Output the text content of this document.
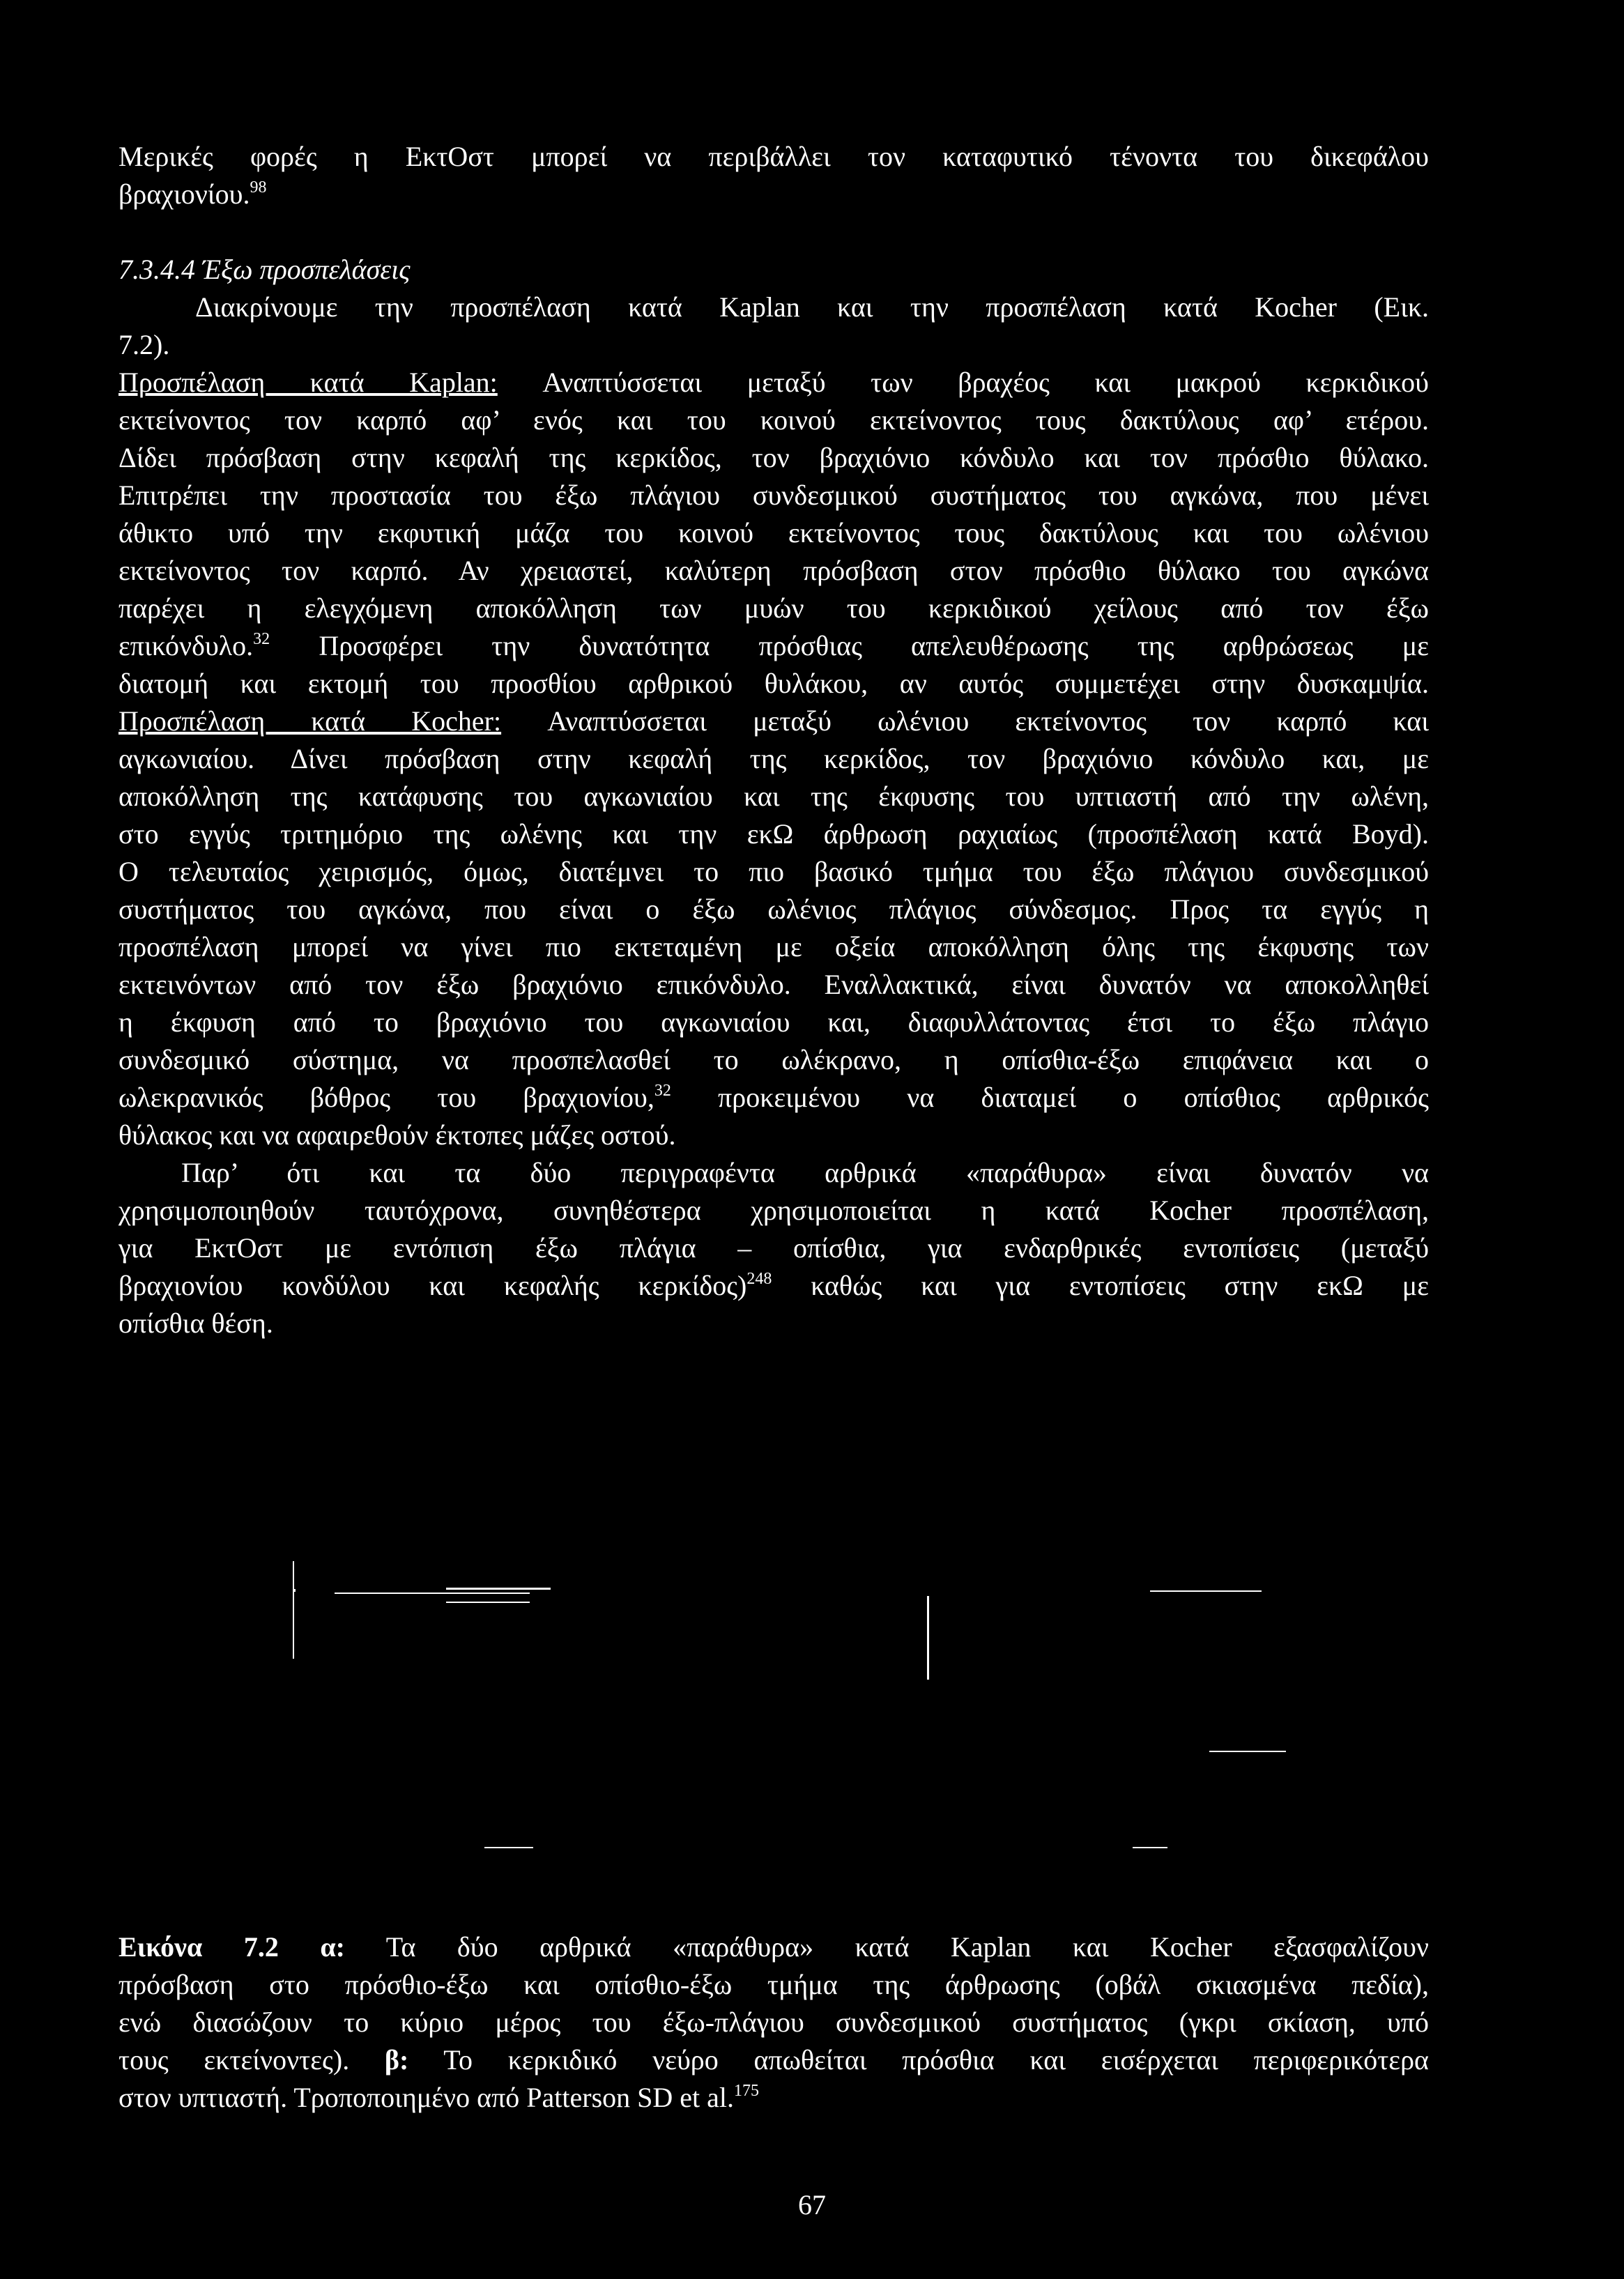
Μερικές φορές η ΕκτΟστ μπορεί να περιβάλλει τον καταφυτικό τένοντα του δικεφάλου
βραχιονίου.$^{98}$
7.3.4.4 Έξω προσπελάσεις
Διακρίνουμε την προσπέλαση κατά Kaplan και την προσπέλαση κατά Kocher (Εικ.
7.2).
Προσπέλαση κατά Kaplan: Αναπτύσσεται μεταξύ των βραχέος και μακρού κερκιδικού
εκτείνοντος τον καρπό αφ’ ενός και του κοινού εκτείνοντος τους δακτύλους αφ’ ετέρου.
Δίδει πρόσβαση στην κεφαλή της κερκίδος, τον βραχιόνιο κόνδυλο και τον πρόσθιο θύλακο.
Επιτρέπει την προστασία του έξω πλάγιου συνδεσμικού συστήματος του αγκώνα, που μένει
άθικτο υπό την εκφυτική μάζα του κοινού εκτείνοντος τους δακτύλους και του ωλένιου
εκτείνοντος τον καρπό. Αν χρειαστεί, καλύτερη πρόσβαση στον πρόσθιο θύλακο του αγκώνα
παρέχει η ελεγχόμενη αποκόλληση των μυών του κερκιδικού χείλους από τον έξω
επικόνδυλο.$^{32}$ Προσφέρει την δυνατότητα πρόσθιας απελευθέρωσης της αρθρώσεως με
διατομή και εκτομή του προσθίου αρθρικού θυλάκου, αν αυτός συμμετέχει στην δυσκαμψία.
Προσπέλαση κατά Kocher: Αναπτύσσεται μεταξύ ωλένιου εκτείνοντος τον καρπό και
αγκωνιαίου. Δίνει πρόσβαση στην κεφαλή της κερκίδος, τον βραχιόνιο κόνδυλο και, με
αποκόλληση της κατάφυσης του αγκωνιαίου και της έκφυσης του υπτιαστή από την ωλένη,
στο εγγύς τριτημόριο της ωλένης και την εκΩ άρθρωση ραχιαίως (προσπέλαση κατά Boyd).
Ο τελευταίος χειρισμός, όμως, διατέμνει το πιο βασικό τμήμα του έξω πλάγιου συνδεσμικού
συστήματος του αγκώνα, που είναι ο έξω ωλένιος πλάγιος σύνδεσμος. Προς τα εγγύς η
προσπέλαση μπορεί να γίνει πιο εκτεταμένη με οξεία αποκόλληση όλης της έκφυσης των
εκτεινόντων από τον έξω βραχιόνιο επικόνδυλο. Εναλλακτικά, είναι δυνατόν να αποκολληθεί
η έκφυση από το βραχιόνιο του αγκωνιαίου και, διαφυλλάτοντας έτσι το έξω πλάγιο
συνδεσμικό σύστημα, να προσπελασθεί το ωλέκρανο, η οπίσθια-έξω επιφάνεια και ο
ωλεκρανικός βόθρος του βραχιονίου,$^{32}$ προκειμένου να διαταμεί ο οπίσθιος αρθρικός
θύλακος και να αφαιρεθούν έκτοπες μάζες οστού.
Παρ’ ότι και τα δύο περιγραφέντα αρθρικά «παράθυρα» είναι δυνατόν να
χρησιμοποιηθούν ταυτόχρονα, συνηθέστερα χρησιμοποιείται η κατά Kocher προσπέλαση,
για ΕκτΟστ με εντόπιση έξω πλάγια – οπίσθια, για ενδαρθρικές εντοπίσεις (μεταξύ
βραχιονίου κονδύλου και κεφαλής κερκίδος)$^{248}$ καθώς και για εντοπίσεις στην εκΩ με
οπίσθια θέση.
Εικόνα 7.2 α: Τα δύο αρθρικά «παράθυρα» κατά Kaplan και Kocher εξασφαλίζουν
πρόσβαση στο πρόσθιο-έξω και οπίσθιο-έξω τμήμα της άρθρωσης (οβάλ σκιασμένα πεδία),
ενώ διασώζουν το κύριο μέρος του έξω-πλάγιου συνδεσμικού συστήματος (γκρι σκίαση, υπό
τους εκτείνοντες). β: Το κερκιδικό νεύρο απωθείται πρόσθια και εισέρχεται περιφερικότερα
στον υπτιαστή. Τροποποιημένο από Patterson SD et al.$^{175}$
67
